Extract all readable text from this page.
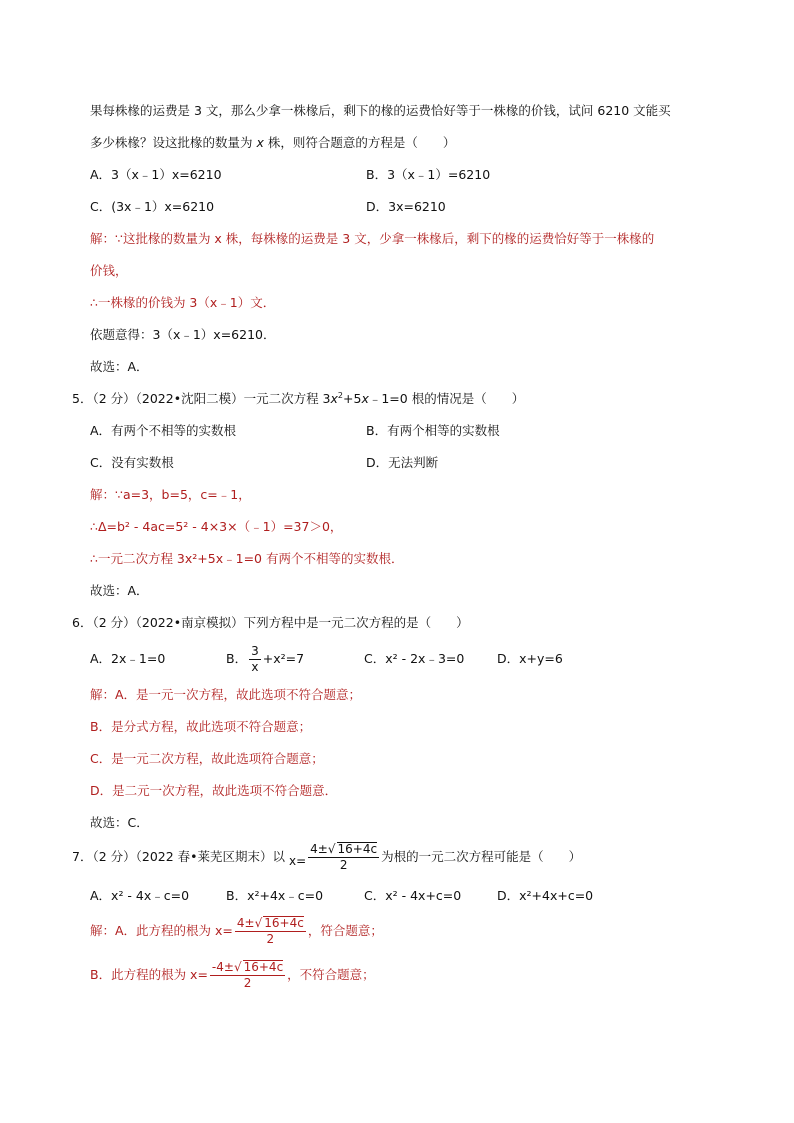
果每株椽的运费是 3 文，那么少拿一株椽后，剩下的椽的运费恰好等于一株椽的价钱，试问 6210 文能买
多少株椽？设这批椽的数量为 x 株，则符合题意的方程是（　　）
A．3（x﹣1）x=6210	B．3（x﹣1）=6210
C．(3x﹣1）x=6210	D．3x=6210
解：∵这批椽的数量为 x 株，每株椽的运费是 3 文，少拿一株椽后，剩下的椽的运费恰好等于一株椽的
价钱，
∴一株椽的价钱为 3（x﹣1）文．
依题意得：3（x﹣1）x=6210．
故选：A．
5．（2 分）（2022•沈阳二模）一元二次方程 $3x^2+5x﹣1=0$ 根的情况是（　　）
A．有两个不相等的实数根	B．有两个相等的实数根
C．没有实数根	D．无法判断
解：∵a=3，b=5，c=﹣1，
∴Δ=b² - 4ac=5² - 4×3×（﹣1）=37＞0，
∴一元二次方程 3x²+5x﹣1=0 有两个不相等的实数根．
故选：A．
6．（2 分）（2022•南京模拟）下列方程中是一元二次方程的是（　　）
A．2x﹣1=0	B． $\frac{3}{x} +x^2=7$	C．x² - 2x﹣3=0	D．x+y=6
解：A．是一元一次方程，故此选项不符合题意；
B．是分式方程，故此选项不符合题意；
C．是一元二次方程，故此选项符合题意；
D．是二元一次方程，故此选项不符合题意．
故选：C．
7．（2 分）（2022 春•莱芜区期末）以 $x= \frac{4\pm√ 16+4c}{2}$ 为根的一元二次方程可能是（　　）
A．x² - 4x﹣c=0	B．x²+4x﹣c=0	C．x² - 4x+c=0	D．x²+4x+c=0
解：A．此方程的根为 $x= \frac{4\pm√ 16+4c}{2}$ ，符合题意；
B．此方程的根为 $x= \frac{-4\pm√ 16+4c}{2}$ ，不符合题意；
